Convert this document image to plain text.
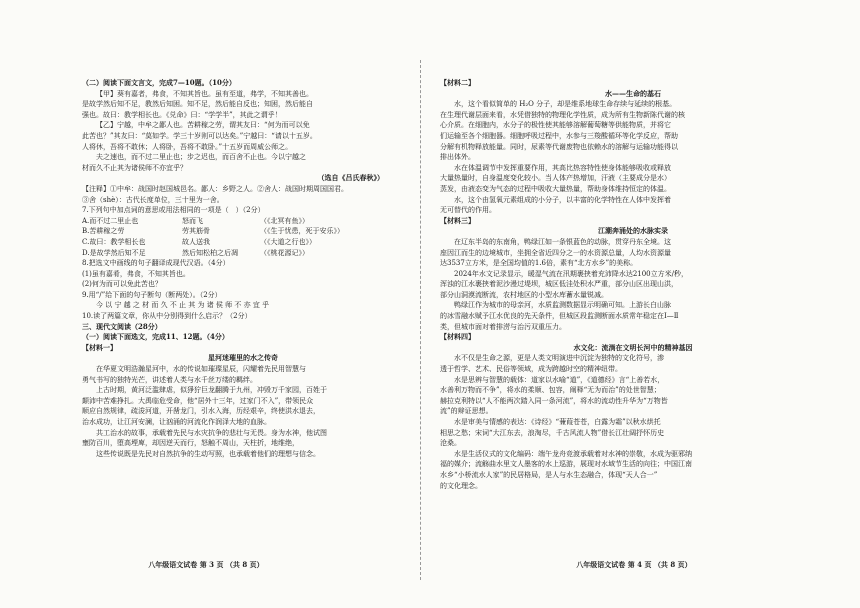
（二）阅读下面文言文，完成7—10题。（10分）

【甲】葵有嘉者，弗食，不知其旨也。虽有至道，弗学，不知其善也。

是故学然后知不足，教然后知困。知不足，然后能自反也；知困，然后能自

强也。故曰：教学相长也。《兑命》曰：“学学半”，其此之谓乎！

【乙】宁越，中牟之鄙人也。苦耕稼之劳，谓其友曰：“何为而可以免

此苦也？”其友曰：“莫如学。学三十岁则可以达矣。”宁越曰：“请以十五岁。

人将休，吾将不敢休；人将卧，吾将不敢卧。”十五岁而周威公师之。

夫之速也，而不过二里止也；步之迟也，而百舍不止也。今以宁越之

材而久不止其为诸侯师不亦宜乎？

（选自《吕氏春秋》）

【注释】①中牟：战国时赵国城邑名。鄙人：乡野之人。②舍人：战国时期周国国君。

③舍（shè）：古代长度单位，三十里为一舍。

7.下列句中加点词的意思或用法相同的一项是（　）（2分）

A.而不过二里止也	怒而飞	（《北冥有鱼》）
B.苦耕稼之劳	劳其筋骨	（《生于忧患，死于安乐》）
C.故曰：教学相长也	故人送我	（《大道之行也》）
D.是故学然后知不足	然后知松柏之后凋	（《桃花源记》）

8.把选文中画线的句子翻译成现代汉语。（4分）

(1)虽有嘉肴，弗食，不知其旨也。

(2)何为而可以免此苦也？

9.用“/”给下面的句子断句（断两处）。（2分）

今 以 宁 越 之 材 而 久 不 止 其 为 诸 侯 师 不 亦 宜 乎

10.读了两篇文章，你从中分别得到什么启示？（2分）

三、现代文阅读（28分）

（一）阅读下面选文，完成11、12题。（4分）

【材料一】

星河迷璀里的水之传奇

在华夏文明浩瀚星河中，水的传说如璀璨星辰，闪耀着先民用智慧与

勇气书写的独特光芒，讲述着人类与水千丝万缕的羁绊。

上古时期，黄河泛滥肆虐，似猙狞巨龙翻腾于九州，冲毁万千家园，百姓于

颠沛中苦难挣扎。大禹临危受命，他“居外十三年，过家门不入”，带领民众

顺应自然规律，疏浚河道，开凿龙门，引水入海，历经艰辛，终使洪水退去，

治水成功，让江河安澜，让汹涌的河流化作润泽大地的血脉。

共工治水的故事，承载着先民与水灾抗争的悲壮与无畏。身为水神，他试图

壅防百川，堕高堙庳，却因逆天而行，怒触不周山，天柱折，地维绝，

这些传说既是先民对自然抗争的生动写照，也承载着他们的理想与信念。

八年级语文试卷 第 3 页 （共 8 页）

【材料二】

水——生命的基石

水，这个看似简单的 H₂O 分子，却是维系地球生命存续与延续的根基。

在生理代谢层面来看，水凭借独特的物理化学性质，成为所有生物新陈代谢的核

心介质。在细胞内，水分子的极性使其能够溶解葡萄糖等供能物质，并将它

们运输至各个细胞器。细胞呼吸过程中，水参与三羧酸循环等化学反应，帮助

分解有机物释放能量。同时，尿素等代谢废物也依赖水的溶解与运输功能得以

排出体外。

水在体温调节中发挥重要作用，其高比热容特性使身体能够吸收或释放

大量热量时，自身温度变化较小。当人体产热增加，汗液（主要成分是水）

蒸发，由液态变为气态的过程中吸收大量热量，帮助身体维持恒定的体温。

水，这个由氢氧元素组成的小分子，以丰富的化学特性在人体中发挥着

无可替代的作用。

【材料三】

江潮奔涌处的水脉实录

在辽东半岛的东南角，鸭绿江如一条银蓝色的动脉，贯穿丹东全境。这

座因江而生的边境城市，坐拥全省近四分之一的水资源总量，人均水资源量

达3537立方米，是全国均值的1.6倍，素有“北方水乡”的美称。

2024年水文记录显示，暖湿气流在汛期裹挟着充沛降水达2100立方米/秒，

浑浊的江水裹挟着泥沙漫过堤坝，城区低洼处积水严重，部分山区出现山洪，

部分山洞漠流断流，农村地区的小型水库蓄水量锐减。

鸭绿江作为城市的母亲河，水质监测数据显示明确可知。上游长白山脉

的冰雪融水赋予江水优良的先天条件，但城区段监测断面水质常年稳定在Ⅰ—Ⅱ

类，但城市面对着排涝与治污双重压力。

【材料四】

水文化：流淌在文明长河中的精神基因

水不仅是生命之源，更是人类文明演进中沉淀为独特的文化符号，渗

透于哲学、艺术、民俗等领域，成为跨越时空的精神纽带。

水是思辨与智慧的载体：道家以水喻“道”，《道德经》言“上善若水，

水善利万物而不争”，将水的柔顺、包容，阐释“无为而治”的处世智慧；

赫拉克利特以“人不能两次踏入同一条河流”，将水的流动性升华为“万物皆

流”的辩证思想。

水是审美与情感的表达：《诗经》“蒹葭苍苍，白露为霜”以秋水烘托

相思之愁；宋词“大江东去，浪淘尽，千古风流人物”借长江壮阔抒怀历史

沧桑。

水是生活仪式的文化编码：端午龙舟竞渡承载着对水神的崇敬，水成为驱邪纳

福的媒介；流觞曲水里文人墨客的水上巡游，展现对水域节生活的向往；中国江南

水乡“小桥流水人家”的民居格局，是人与水生态融合，体现“天人合一”

的文化理念。

八年级语文试卷 第 4 页 （共 8 页）
